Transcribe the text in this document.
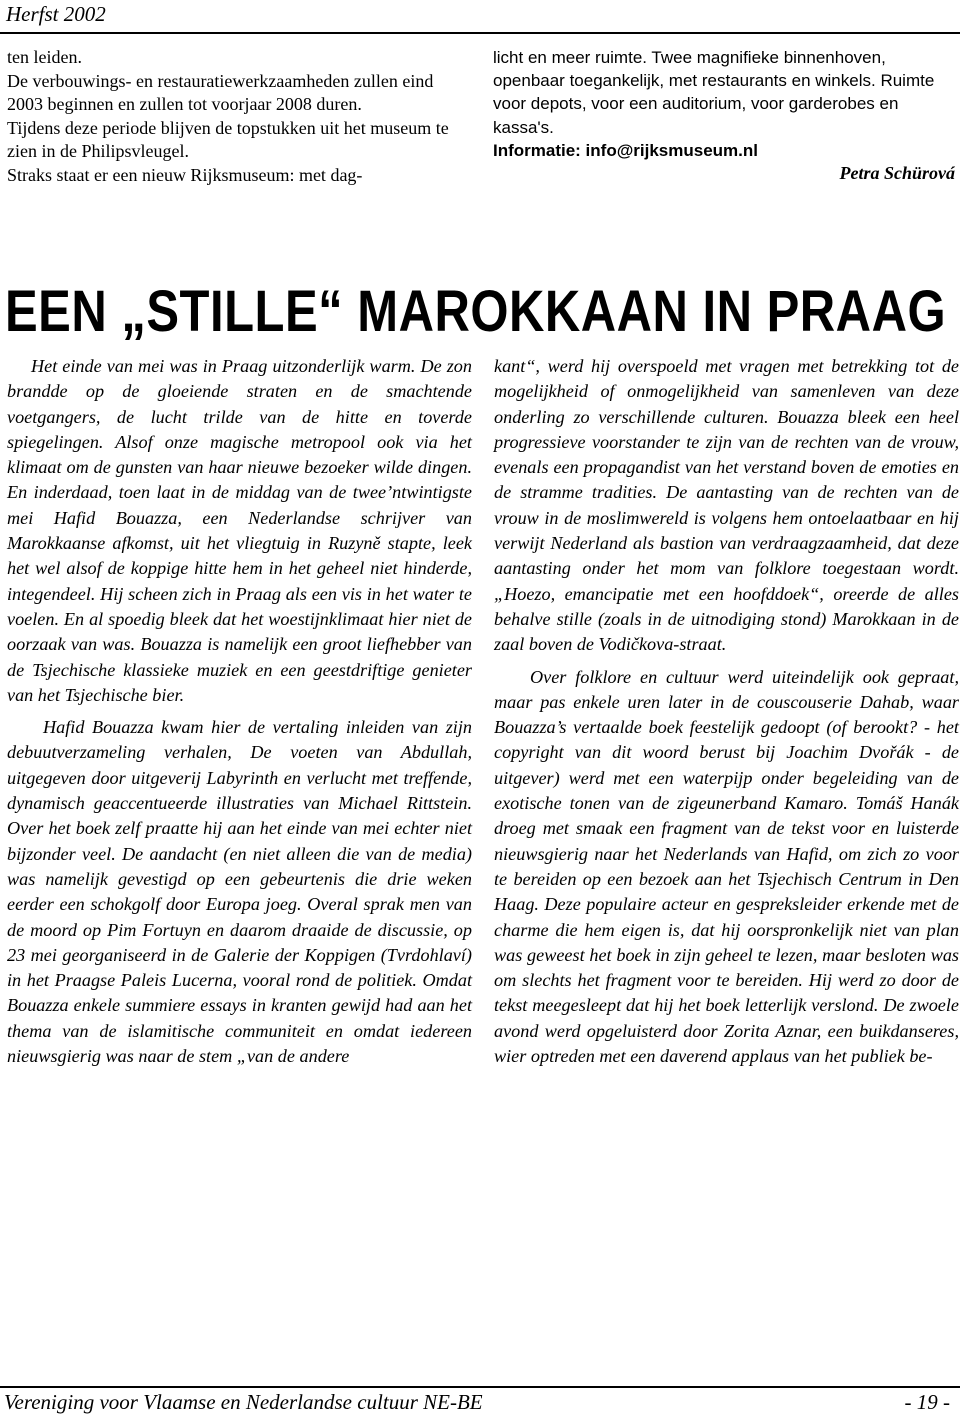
Herfst 2002

ten leiden.

De verbouwings- en restauratiewerkzaamheden zullen eind 2003 beginnen en zullen tot voorjaar 2008 duren.

Tijdens deze periode blijven de topstukken uit het museum te zien in de Philipsvleugel.

Straks staat er een nieuw Rijksmuseum: met dag-

licht en meer ruimte. Twee magnifieke binnenhoven, openbaar toegankelijk, met restaurants en winkels. Ruimte voor depots, voor een auditorium, voor garderobes en kassa's.

Informatie: info@rijksmuseum.nl

Petra Schürová

EEN „STILLE“ MAROKKAAN IN PRAAG

Het einde van mei was in Praag uitzonderlijk warm. De zon brandde op de gloeiende straten en de smachtende voetgangers, de lucht trilde van de hitte en toverde spiegelingen. Alsof onze magische metropool ook via het klimaat om de gunsten van haar nieuwe bezoeker wilde dingen. En inderdaad, toen laat in de middag van de twee’ntwintigste mei Hafid Bouazza, een Nederlandse schrijver van Marokkaanse afkomst, uit het vliegtuig in Ruzyně stapte, leek het wel alsof de koppige hitte hem in het geheel niet hinderde, integendeel. Hij scheen zich in Praag als een vis in het water te voelen. En al spoedig bleek dat het woestijnklimaat hier niet de oorzaak van was. Bouazza is namelijk een groot liefhebber van de Tsjechische klassieke muziek en een geestdriftige genieter van het Tsjechische bier.

Hafid Bouazza kwam hier de vertaling inleiden van zijn debuutverzameling verhalen, De voeten van Abdullah, uitgegeven door uitgeverij Labyrinth en verlucht met treffende, dynamisch geaccentueerde illustraties van Michael Rittstein. Over het boek zelf praatte hij aan het einde van mei echter niet bijzonder veel. De aandacht (en niet alleen die van de media) was namelijk gevestigd op een gebeurtenis die drie weken eerder een schokgolf door Europa joeg. Overal sprak men van de moord op Pim Fortuyn en daarom draaide de discussie, op 23 mei georganiseerd in de Galerie der Koppigen (Tvrdohlaví) in het Praagse Paleis Lucerna, vooral rond de politiek. Omdat Bouazza enkele summiere essays in kranten gewijd had aan het thema van de islamitische communiteit en omdat iedereen nieuwsgierig was naar de stem „van de andere

kant“, werd hij overspoeld met vragen met betrekking tot de mogelijkheid of onmogelijkheid van samenleven van deze onderling zo verschillende culturen. Bouazza bleek een heel progressieve voorstander te zijn van de rechten van de vrouw, evenals een propagandist van het verstand boven de emoties en de stramme tradities. De aantasting van de rechten van de vrouw in de moslimwereld is volgens hem ontoelaatbaar en hij verwijt Nederland als bastion van verdraagzaamheid, dat deze aantasting onder het mom van folklore toegestaan wordt. „Hoezo, emancipatie met een hoofddoek“, oreerde de alles behalve stille (zoals in de uitnodiging stond) Marokkaan in de zaal boven de Vodičkova-straat.

Over folklore en cultuur werd uiteindelijk ook gepraat, maar pas enkele uren later in de couscouserie Dahab, waar Bouazza’s vertaalde boek feestelijk gedoopt (of berookt? - het copyright van dit woord berust bij Joachim Dvořák - de uitgever) werd met een waterpijp onder begeleiding van de exotische tonen van de zigeunerband Kamaro. Tomáš Hanák droeg met smaak een fragment van de tekst voor en luisterde nieuwsgierig naar het Nederlands van Hafid, om zich zo voor te bereiden op een bezoek aan het Tsjechisch Centrum in Den Haag. Deze populaire acteur en gespreksleider erkende met de charme die hem eigen is, dat hij oorspronkelijk niet van plan was geweest het boek in zijn geheel te lezen, maar besloten was om slechts het fragment voor te bereiden. Hij werd zo door de tekst meegesleept dat hij het boek letterlijk verslond. De zwoele avond werd opgeluisterd door Zorita Aznar, een buikdanseres, wier optreden met een daverend applaus van het publiek be-

Vereniging voor Vlaamse en Nederlandse cultuur NE-BE	- 19 -
